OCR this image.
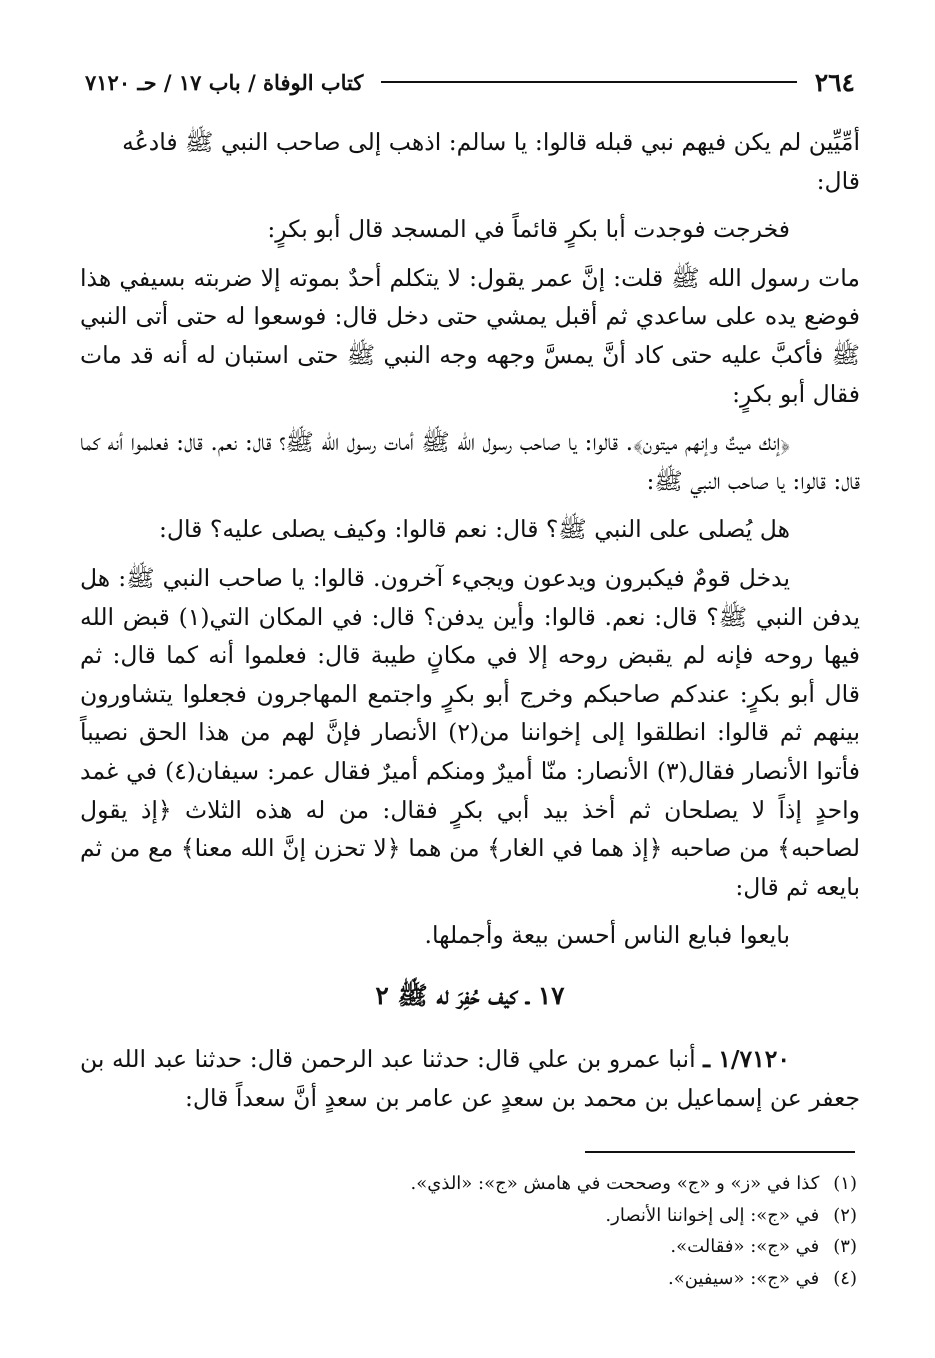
٢٦٤
كتاب الوفاة / باب ١٧ / حـ ٧١٢٠

أمِّيِّين لم يكن فيهم نبي قبله قالوا: يا سالم: اذهب إلى صاحب النبي ﷺ فادعُه قال:

فخرجت فوجدت أبا بكرٍ قائماً في المسجد قال أبو بكرٍ:

مات رسول الله ﷺ قلت: إنَّ عمر يقول: لا يتكلم أحدٌ بموته إلا ضربته بسيفي هذا فوضع يده على ساعدي ثم أقبل يمشي حتى دخل قال: فوسعوا له حتى أتى النبي ﷺ فأكبَّ عليه حتى كاد أنَّ يمسَّ وجهه وجه النبي ﷺ حتى استبان له أنه قد مات فقال أبو بكرٍ:

﴿إنك ميتٌ وإنهم ميتون﴾. قالوا: يا صاحب رسول الله ﷺ أمات رسول الله ﷺ؟ قال: نعم. قال: فعلموا أنه كما قال: قالوا: يا صاحب النبي ﷺ:

هل يُصلى على النبي ﷺ؟ قال: نعم قالوا: وكيف يصلى عليه؟ قال:

يدخل قومٌ فيكبرون ويدعون ويجيء آخرون. قالوا: يا صاحب النبي ﷺ: هل يدفن النبي ﷺ؟ قال: نعم. قالوا: وأين يدفن؟ قال: في المكان التي(١) قبض الله فيها روحه فإنه لم يقبض روحه إلا في مكانٍ طيبة قال: فعلموا أنه كما قال: ثم قال أبو بكرٍ: عندكم صاحبكم وخرج أبو بكرٍ واجتمع المهاجرون فجعلوا يتشاورون بينهم ثم قالوا: انطلقوا إلى إخواننا من(٢) الأنصار فإنَّ لهم من هذا الحق نصيباً فأتوا الأنصار فقال(٣) الأنصار: منّا أميرٌ ومنكم أميرٌ فقال عمر: سيفان(٤) في غمد واحدٍ إذاً لا يصلحان ثم أخذ بيد أبي بكرٍ فقال: من له هذه الثلاث ﴿إذ يقول لصاحبه﴾ من صاحبه ﴿إذ هما في الغار﴾ من هما ﴿لا تحزن إنَّ الله معنا﴾ مع من ثم بايعه ثم قال:

بايعوا فبايع الناس أحسن بيعة وأجملها.

١٧ ـ كيف حُفِرَ له ﷺ ٢
١/٧١٢٠ ـ أنبا عمرو بن علي قال: حدثنا عبد الرحمن قال: حدثنا عبد الله بن جعفر عن إسماعيل بن محمد بن سعدٍ عن عامر بن سعدٍ أنَّ سعداً قال:

(١)كذا في «ز» و «ج» وصححت في هامش «ج»: «الذي».

(٢)في «ج»: إلى إخواننا الأنصار.

(٣)في «ج»: «فقالت».

(٤)في «ج»: «سيفين».
